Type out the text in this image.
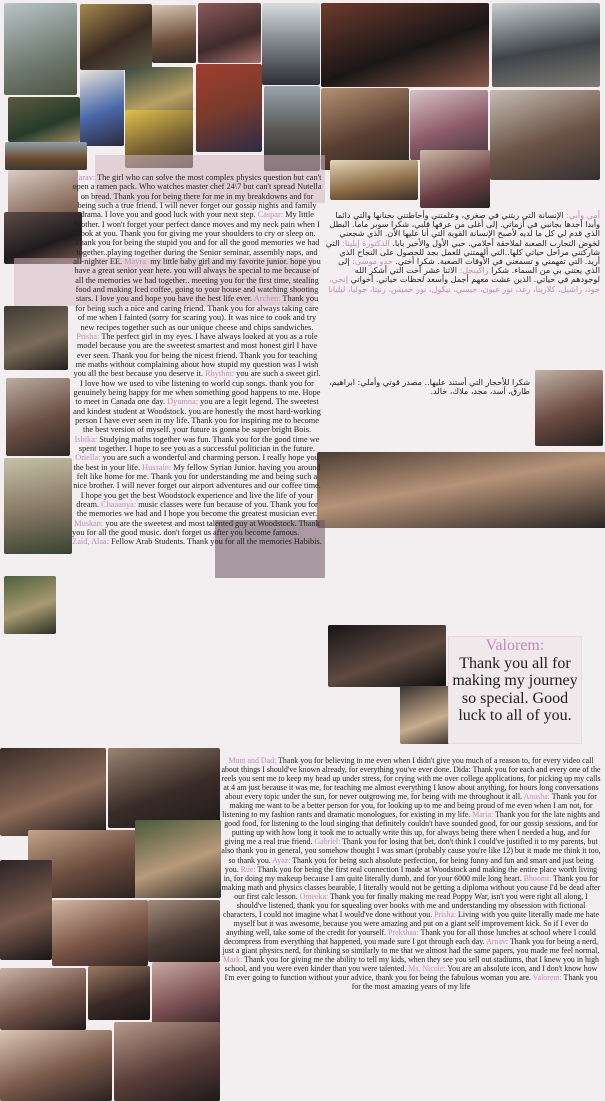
Aarav: The girl who can solve the most complex physics question but can't open a ramen pack. Who watches master chef 24\7 but can't spread Nutella on bread. Thank you for being there for me in my breakdowns and for being such a true friend. I will never forget our gossip nights and family drama. I love you and good luck with your next step. Caspar: My little brother. I won't forget your perfect dance moves and my neck pain when I look at you. Thank you for giving me your shoulders to cry or sleep on. Thank you for being the stupid you and for all the good memories we had together..playing together during the Senior seminar, assembly naps, and all-nighter EE. Mayra: my little baby girl and my favorite junior. hope you have a great senior year here. you will always be special to me because of all the memories we had together.. meeting you for the first time, stealing food and making Iced coffee, going to your house and watching shooting stars. I love you and hope you have the best life ever. Archen: Thank you for being such a nice and caring friend. Thank you for always taking care of me when I fainted (sorry for scaring you). It was nice to cook and try new recipes together such as our unique cheese and chips sandwiches. Prisha: The perfect girl in my eyes. I have always looked at you as a role model because you are the sweetest smartest and most honest girl I have ever seen. Thank you for being the nicest friend. Thank you for teaching me maths without complaining about how stupid my question was I wish you all the best because you deserve it. Rhythm: you are such a sweet girl. I love how we used to vibe listening to world cup songs. thank you for genuinely being happy for me when something good happens to me. Hope to meet in Canada one day. Dyumna: you are a legit legend. The sweetest and kindest student at Woodstock. you are honestly the most hard-working person I have ever seen in my life. Thank you for inspiring me to become the best version of myself. your future is gonna be super bright Bois. Ishika: Studying maths together was fun. Thank you for the good time we spent together. I hope to see you as a successful politician in the future. Oriella: you are such a wonderful and charming person. I really hope you the best in your life. Hussain: My fellow Syrian Junior. having you around felt like home for me. Thank you for understanding me and being such a nice brother. I will never forget our airport adventures and our coffee time. I hope you get the best Woodstock experience and live the life of your dream. Chaaanya: music classes were fun because of you. Thank you for the memories we had and I hope you become the greatest musician ever. Muskan: you are the sweetest and most talented guy at Woodstock. Thank you for all the good music. don't forget us after you become famous. Yusra, Zaid, Alaa: Fellow Arab Students. Thank you for all the memories Habibis.
أمي وأبي: الإنسانة التي ربتني في صغري، وعلمتني وأحاطتني بحنانها والتي دائما وأبدا أجدها بجانبي في أزماتي. إلى أغلى من عرفها قلبي، شكرا سوبر ماما. البطل الذي قدم لي كل ما لديه لأصبح الإنسانة القوية التي أنا عليها الآن. الذي شجعني لخوض التجارب الصعبة لملاحقة أحلامي. حبي الأول والأخير بابا. الدكتورة إيلينا: التي شاركتني مراحل حياتي كلها..التي ألهمتني للعمل بجد للحصول على النجاح الذي أريد. التي تفهمني و تسمعني في الأوقات الصعبة. شكرا أختي. جدو موسى: إلى الذي يعتني بي من السماء. شكرا راكينجل: الاثنا عشر أخت التي أشكر الله لوجودهم في حياتي. الذين عشت معهم أجمل وأسعد لحظات حياتي. أخواتي إنجي، جود، راشيل، كلارينا، رغد، نور عيون، جيسي، نيكول، نور خميس، رنيتا، جوليا، ليليانا
شكرا للأحجار التي أستند عليها.. مصدر قوتي وأملي: ابراهيم، طارق، أسد، مجد، ملاك، خالد.
Valorem:
Thank you all for making my journey so special. Good luck to all of you.
Mum and Dad: Thank you for believing in me even when I didn't give you much of a reason to, for every video call about things I should've known already, for everything you've ever done. Dida: Thank you for each and every one of the reels you sent me to keep my head up under stress, for crying with me over college applications, for picking up my calls at 4 am just because it was me, for teaching me almost everything I know about anything, for hours long conversations about every topic under the sun, for never outgrowing me, for being with me throughout it all. Anusha: Thank you for making me want to be a better person for you, for looking up to me and being proud of me even when I am not, for listening to my fashion rants and dramatic monologues, for existing in my life. Maria: Thank you for the late nights and good food, for listening to the loud singing that definitely couldn't have sounded good, for our gossip sessions, and for putting up with how long it took me to actually write this up, for always being there when I needed a hug, and for giving me a real true friend. Gabriel: Thank you for losing that bet, don't think I could've justified it to my parents, but also thank you in general, you somehow thought I was smart (probably cause you're like 12) but it made me think it too, so thank you. Ayaz: Thank you for being such absolute perfection, for being funny and fun and smart and just being you. Rue: Thank you for being the first real connection I made at Woodstock and making the entire place worth living in, for doing my makeup because I am quite literally dumb, and for your 6000 mile long heart. Bhoomi: Thank you for making math and physics classes bearable, I literally would not be getting a diploma without you cause I'd be dead after our first calc lesson. Omeeka: Thank you for finally making me read Poppy War, isn't you were right all along, I should've listened, thank you for squealing over books with me and understanding my obsession with fictional characters, I could not imagine what I would've done without you. Prisha: Living with you quite literally made me hate myself but it was awesome, because you were amazing and put on a giant self improvement kick. So if I ever do anything well, take some of the credit for yourself. Prekshaa: Thank you for all those lunches at school where I could decompress from everything that happened, you made sure I got through each day. Arnav: Thank you for being a nerd, just a giant physics nerd, for thinking so similarly to me that we almost had the same papers, you made me feel normal. Mark: Thank you for giving me the ability to tell my kids, when they see you sell out stadiums, that I knew you in high school, and you were even kinder than you were talented. Ms. Nicole: You are an absolute icon, and I don't know how I'm ever going to function without your advice, thank you for being the fabulous woman you are. Valorem: Thank you for the most amazing years of my life
